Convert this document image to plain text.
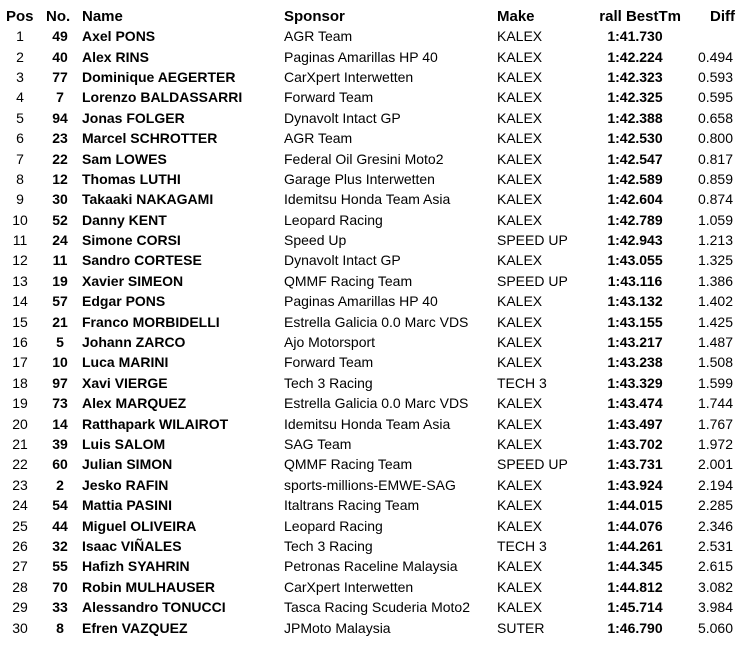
Pos	No.	Name	Sponsor	Make	rall BestTm	Diff
1	49	Axel PONS	AGR Team	KALEX	1:41.730	
2	40	Alex RINS	Paginas Amarillas HP 40	KALEX	1:42.224	0.494
3	77	Dominique AEGERTER	CarXpert Interwetten	KALEX	1:42.323	0.593
4	7	Lorenzo BALDASSARRI	Forward Team	KALEX	1:42.325	0.595
5	94	Jonas FOLGER	Dynavolt Intact GP	KALEX	1:42.388	0.658
6	23	Marcel SCHROTTER	AGR Team	KALEX	1:42.530	0.800
7	22	Sam LOWES	Federal Oil Gresini Moto2	KALEX	1:42.547	0.817
8	12	Thomas LUTHI	Garage Plus Interwetten	KALEX	1:42.589	0.859
9	30	Takaaki NAKAGAMI	Idemitsu Honda Team Asia	KALEX	1:42.604	0.874
10	52	Danny KENT	Leopard Racing	KALEX	1:42.789	1.059
11	24	Simone CORSI	Speed Up	SPEED UP	1:42.943	1.213
12	11	Sandro CORTESE	Dynavolt Intact GP	KALEX	1:43.055	1.325
13	19	Xavier SIMEON	QMMF Racing Team	SPEED UP	1:43.116	1.386
14	57	Edgar PONS	Paginas Amarillas HP 40	KALEX	1:43.132	1.402
15	21	Franco MORBIDELLI	Estrella Galicia 0.0 Marc VDS	KALEX	1:43.155	1.425
16	5	Johann ZARCO	Ajo Motorsport	KALEX	1:43.217	1.487
17	10	Luca MARINI	Forward Team	KALEX	1:43.238	1.508
18	97	Xavi VIERGE	Tech 3 Racing	TECH 3	1:43.329	1.599
19	73	Alex MARQUEZ	Estrella Galicia 0.0 Marc VDS	KALEX	1:43.474	1.744
20	14	Ratthapark WILAIROT	Idemitsu Honda Team Asia	KALEX	1:43.497	1.767
21	39	Luis SALOM	SAG Team	KALEX	1:43.702	1.972
22	60	Julian SIMON	QMMF Racing Team	SPEED UP	1:43.731	2.001
23	2	Jesko RAFIN	sports-millions-EMWE-SAG	KALEX	1:43.924	2.194
24	54	Mattia PASINI	Italtrans Racing Team	KALEX	1:44.015	2.285
25	44	Miguel OLIVEIRA	Leopard Racing	KALEX	1:44.076	2.346
26	32	Isaac VIÑALES	Tech 3 Racing	TECH 3	1:44.261	2.531
27	55	Hafizh SYAHRIN	Petronas Raceline Malaysia	KALEX	1:44.345	2.615
28	70	Robin MULHAUSER	CarXpert Interwetten	KALEX	1:44.812	3.082
29	33	Alessandro TONUCCI	Tasca Racing Scuderia Moto2	KALEX	1:45.714	3.984
30	8	Efren VAZQUEZ	JPMoto Malaysia	SUTER	1:46.790	5.060
